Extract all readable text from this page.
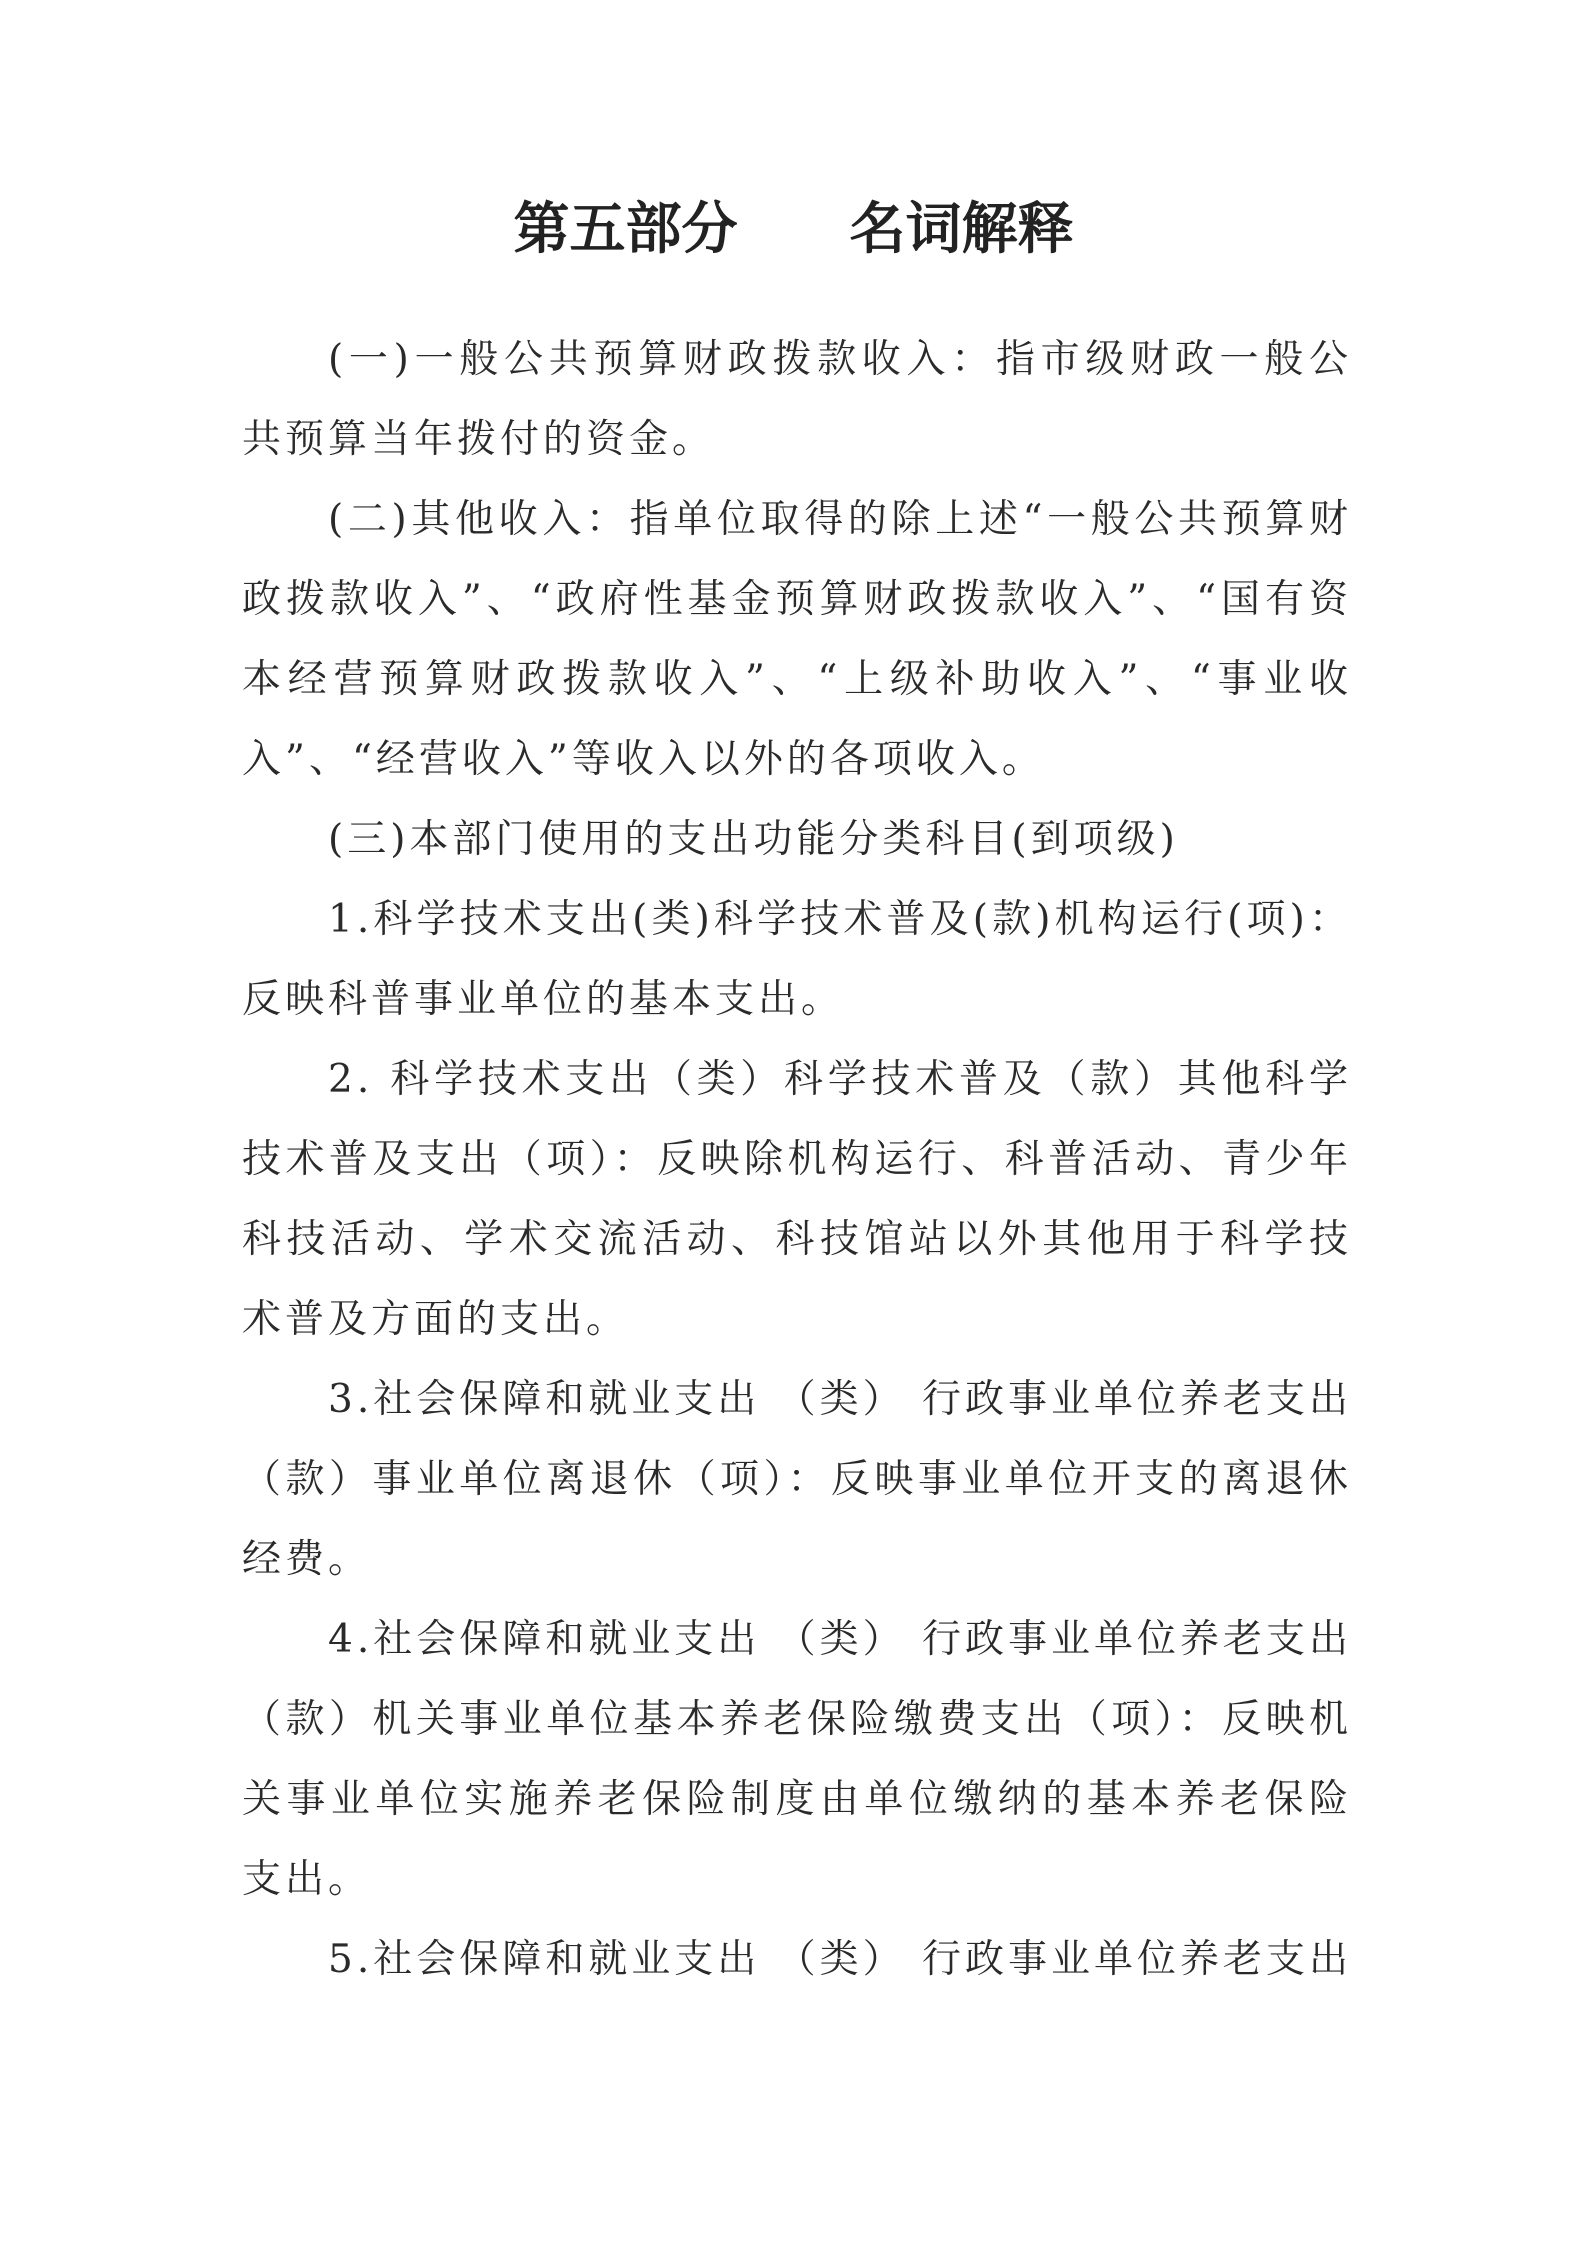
第五部分　　名词解释

(一)一般公共预算财政拨款收入：指市级财政一般公共预算当年拨付的资金。

(二)其他收入：指单位取得的除上述“一般公共预算财政拨款收入”、“政府性基金预算财政拨款收入”、“国有资本经营预算财政拨款收入”、“上级补助收入”、“事业收入”、“经营收入”等收入以外的各项收入。

(三)本部门使用的支出功能分类科目(到项级)

1.科学技术支出(类)科学技术普及(款)机构运行(项)：反映科普事业单位的基本支出。

2. 科学技术支出（类）科学技术普及（款）其他科学技术普及支出（项）：反映除机构运行、科普活动、青少年科技活动、学术交流活动、科技馆站以外其他用于科学技术普及方面的支出。

3.社会保障和就业支出 （类） 行政事业单位养老支出（款）事业单位离退休（项）：反映事业单位开支的离退休经费。

4.社会保障和就业支出 （类） 行政事业单位养老支出（款）机关事业单位基本养老保险缴费支出（项）：反映机关事业单位实施养老保险制度由单位缴纳的基本养老保险支出。

5.社会保障和就业支出 （类） 行政事业单位养老支出
